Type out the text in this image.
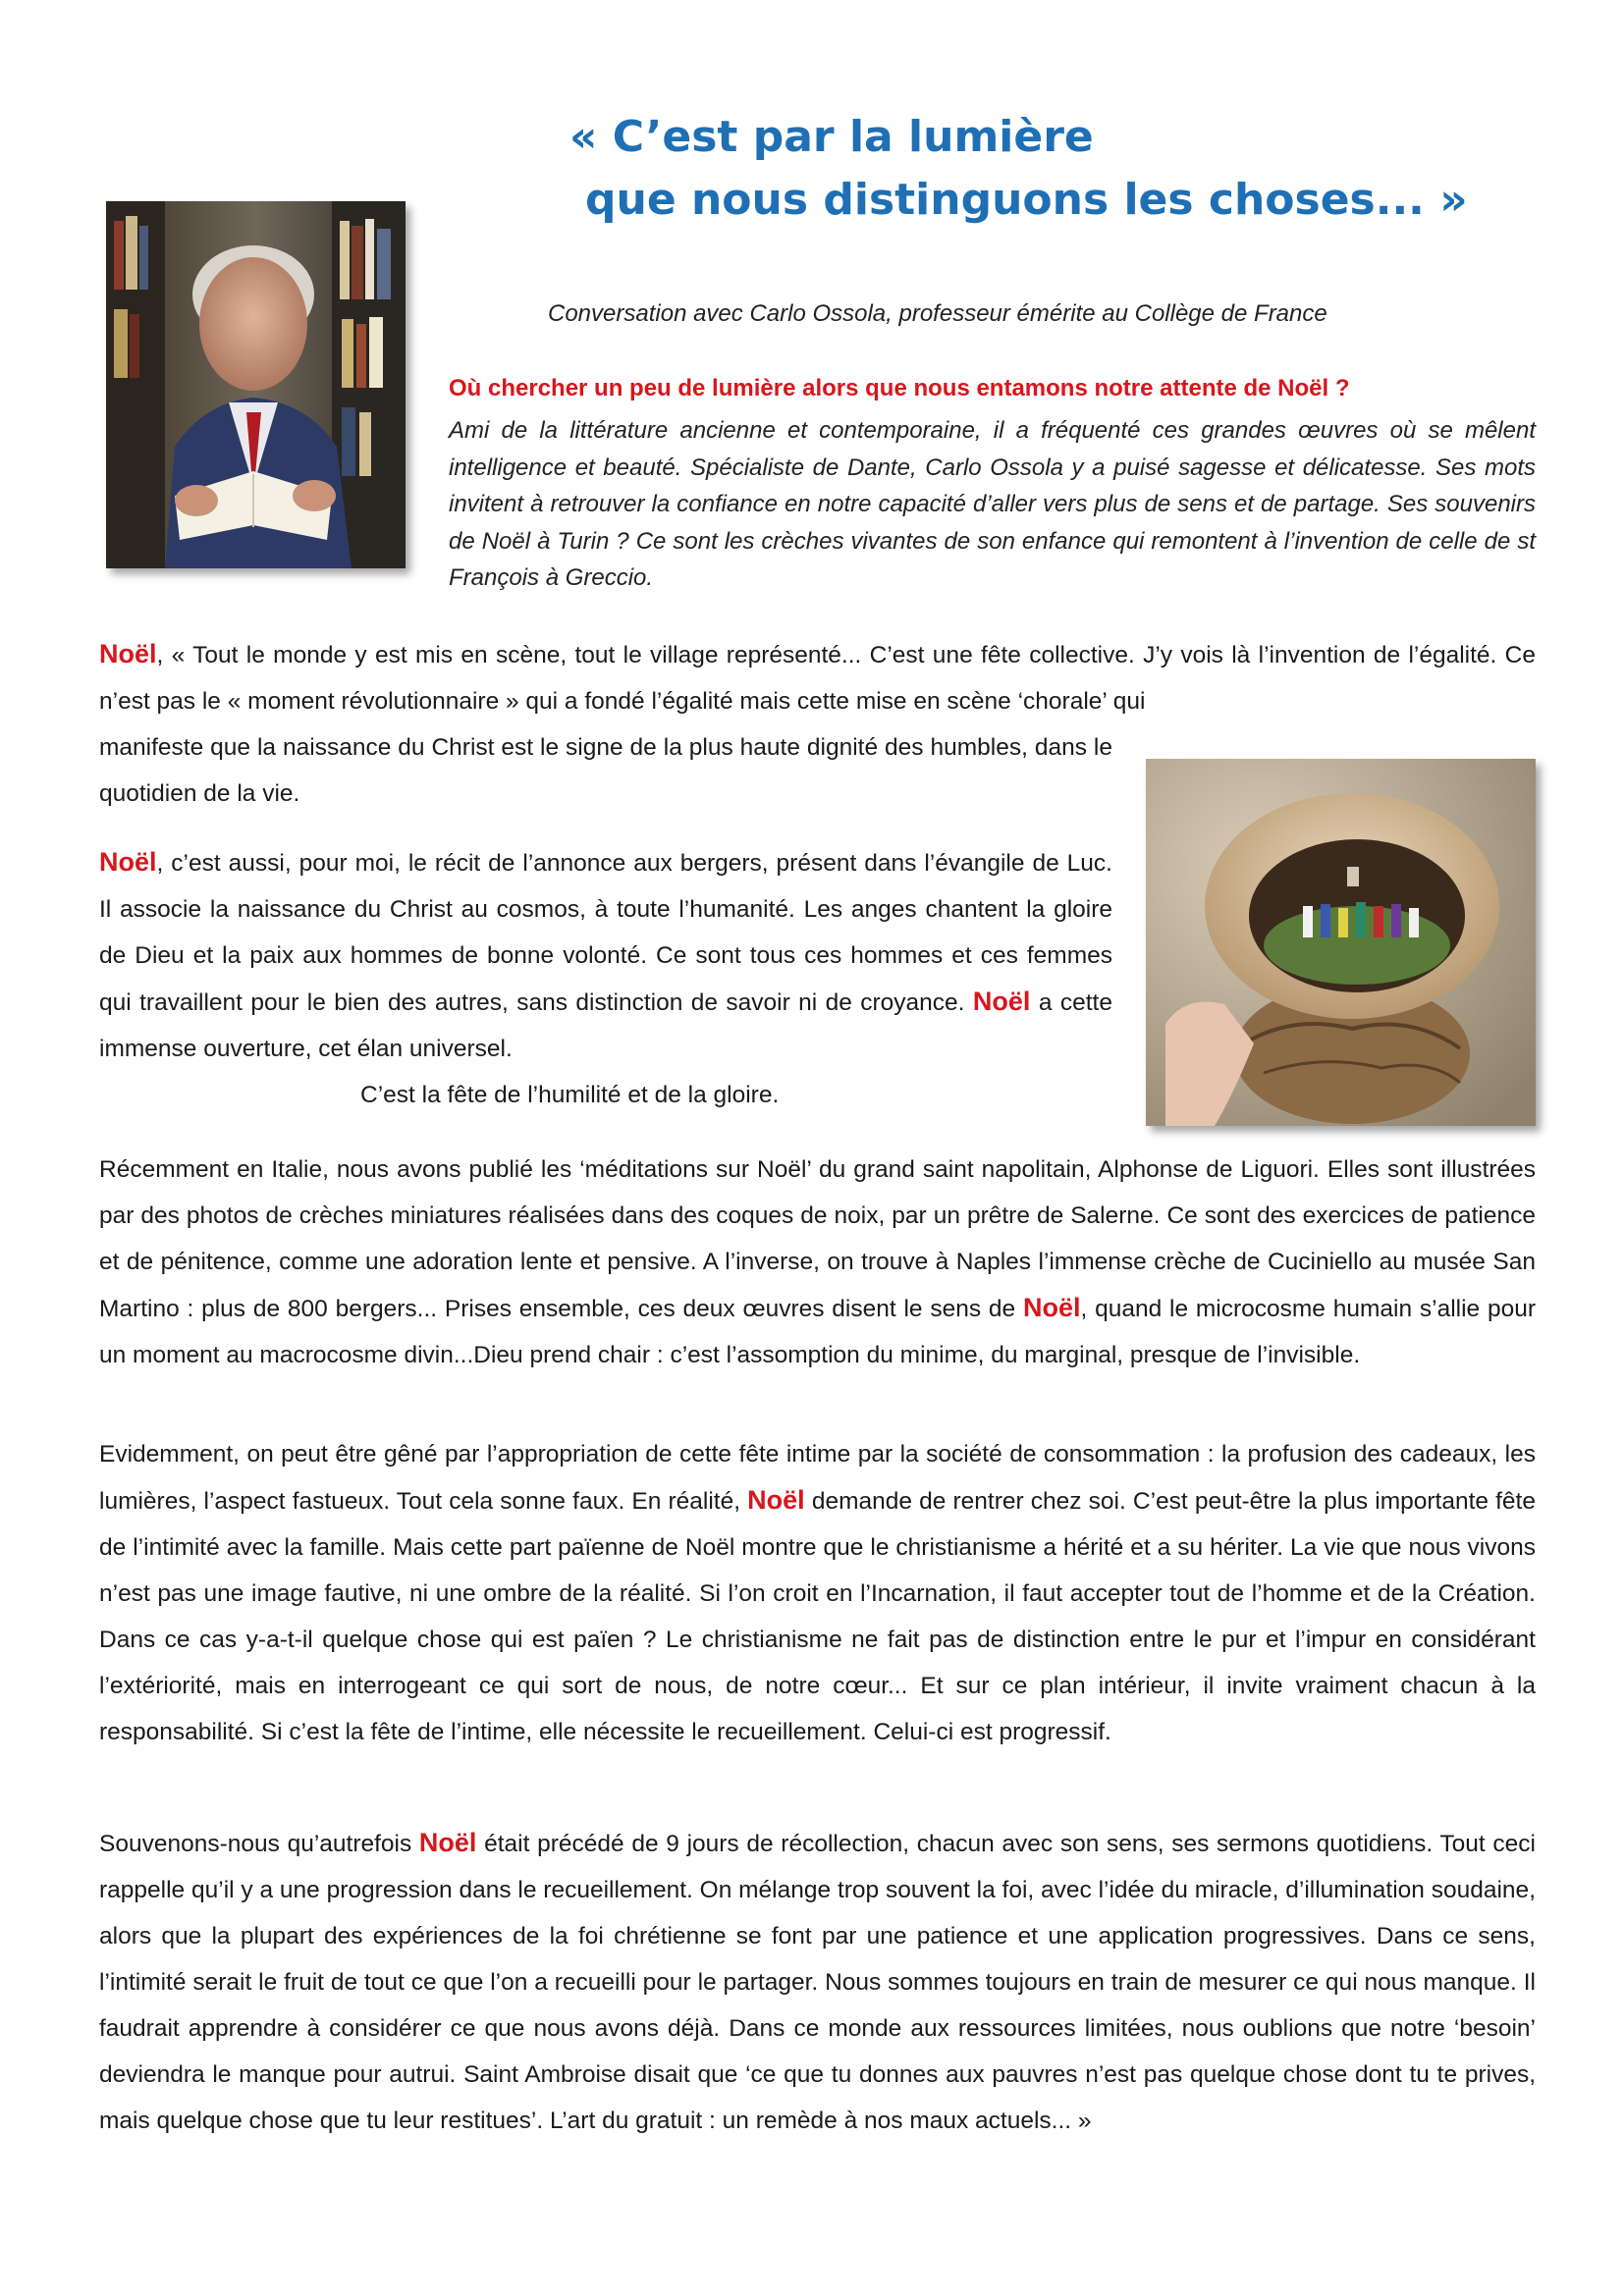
« C’est par la lumière
que nous distinguons les choses... »
Conversation avec Carlo Ossola, professeur émérite au Collège de France
Où chercher un peu de lumière alors que nous entamons notre attente de Noël ?
Ami de la littérature ancienne et contemporaine, il a fréquenté ces grandes œuvres où se mêlent intelligence et beauté. Spécialiste de Dante, Carlo Ossola y a puisé sagesse et délicatesse. Ses mots invitent à retrouver la confiance en notre capacité d’aller vers plus de sens et de partage. Ses souvenirs de Noël à Turin ? Ce sont les crèches vivantes de son enfance qui remontent à l’invention de celle de st François à Greccio.

Noël, « Tout le monde y est mis en scène, tout le village représenté... C’est une fête collective. J’y vois là l’invention de l’égalité. Ce n’est pas le « moment révolutionnaire » qui a fondé l’égalité mais cette mise en scène ‘chorale’ qui

manifeste que la naissance du Christ est le signe de la plus haute dignité des humbles, dans le quotidien de la vie.

Noël, c’est aussi, pour moi, le récit de l’annonce aux bergers, présent dans l’évangile de Luc. Il associe la naissance du Christ au cosmos, à toute l’humanité. Les anges chantent la gloire de Dieu et la paix aux hommes de bonne volonté. Ce sont tous ces hommes et ces femmes qui travaillent pour le bien des autres, sans distinction de savoir ni de croyance. Noël a cette immense ouverture, cet élan universel.

C’est la fête de l’humilité et de la gloire.

Récemment en Italie, nous avons publié les ‘méditations sur Noël’ du grand saint napolitain, Alphonse de Liguori. Elles sont illustrées par des photos de crèches miniatures réalisées dans des coques de noix, par un prêtre de Salerne. Ce sont des exercices de patience et de pénitence, comme une adoration lente et pensive. A l’inverse, on trouve à Naples l’immense crèche de Cuciniello au musée San Martino : plus de 800 bergers... Prises ensemble, ces deux œuvres disent le sens de Noël, quand le microcosme humain s’allie pour un moment au macrocosme divin...Dieu prend chair : c’est l’assomption du minime, du marginal, presque de l’invisible.

Evidemment, on peut être gêné par l’appropriation de cette fête intime par la société de consommation : la profusion des cadeaux, les lumières, l’aspect fastueux. Tout cela sonne faux. En réalité, Noël demande de rentrer chez soi. C’est peut-être la plus importante fête de l’intimité avec la famille. Mais cette part païenne de Noël montre que le christianisme a hérité et a su hériter. La vie que nous vivons n’est pas une image fautive, ni une ombre de la réalité. Si l’on croit en l’Incarnation, il faut accepter tout de l’homme et de la Création. Dans ce cas y-a-t-il quelque chose qui est païen ? Le christianisme ne fait pas de distinction entre le pur et l’impur en considérant l’extériorité, mais en interrogeant ce qui sort de nous, de notre cœur... Et sur ce plan intérieur, il invite vraiment chacun à la responsabilité. Si c’est la fête de l’intime, elle nécessite le recueillement. Celui-ci est progressif.

Souvenons-nous qu’autrefois Noël était précédé de 9 jours de récollection, chacun avec son sens, ses sermons quotidiens. Tout ceci rappelle qu’il y a une progression dans le recueillement. On mélange trop souvent la foi, avec l’idée du miracle, d’illumination soudaine, alors que la plupart des expériences de la foi chrétienne se font par une patience et une application progressives. Dans ce sens, l’intimité serait le fruit de tout ce que l’on a recueilli pour le partager. Nous sommes toujours en train de mesurer ce qui nous manque. Il faudrait apprendre à considérer ce que nous avons déjà. Dans ce monde aux ressources limitées, nous oublions que notre ‘besoin’ deviendra le manque pour autrui. Saint Ambroise disait que ‘ce que tu donnes aux pauvres n’est pas quelque chose dont tu te prives, mais quelque chose que tu leur restitues’. L’art du gratuit : un remède à nos maux actuels... »
